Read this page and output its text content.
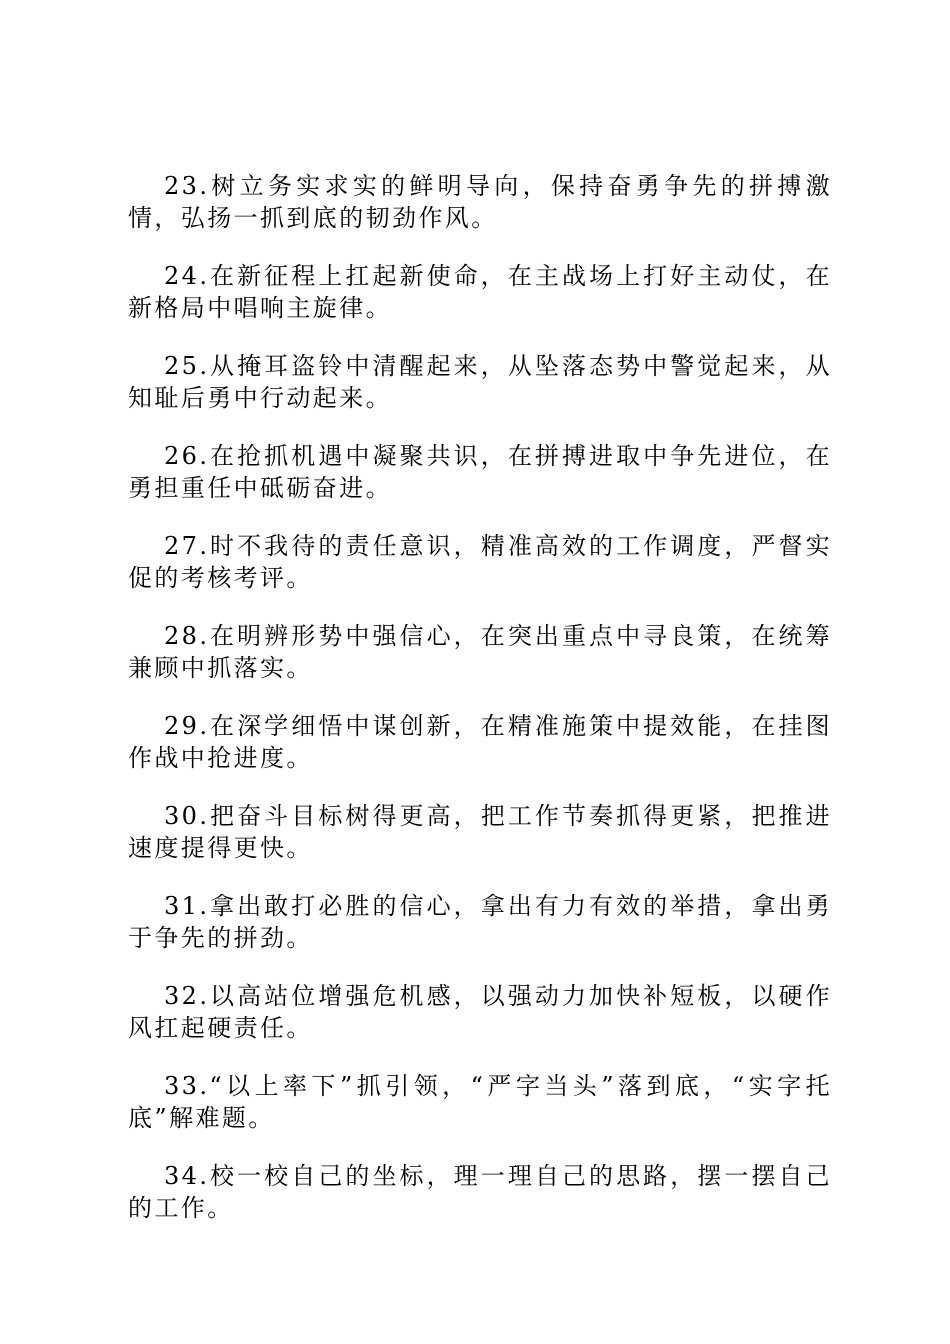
23.树立务实求实的鲜明导向，保持奋勇争先的拼搏激情，弘扬一抓到底的韧劲作风。

24.在新征程上扛起新使命，在主战场上打好主动仗，在新格局中唱响主旋律。

25.从掩耳盗铃中清醒起来，从坠落态势中警觉起来，从知耻后勇中行动起来。

26.在抢抓机遇中凝聚共识，在拼搏进取中争先进位，在勇担重任中砥砺奋进。

27.时不我待的责任意识，精准高效的工作调度，严督实促的考核考评。

28.在明辨形势中强信心，在突出重点中寻良策，在统筹兼顾中抓落实。

29.在深学细悟中谋创新，在精准施策中提效能，在挂图作战中抢进度。

30.把奋斗目标树得更高，把工作节奏抓得更紧，把推进速度提得更快。

31.拿出敢打必胜的信心，拿出有力有效的举措，拿出勇于争先的拼劲。

32.以高站位增强危机感，以强动力加快补短板，以硬作风扛起硬责任。

33.“以上率下”抓引领，“严字当头”落到底，“实字托底”解难题。

34.校一校自己的坐标，理一理自己的思路，摆一摆自己的工作。
